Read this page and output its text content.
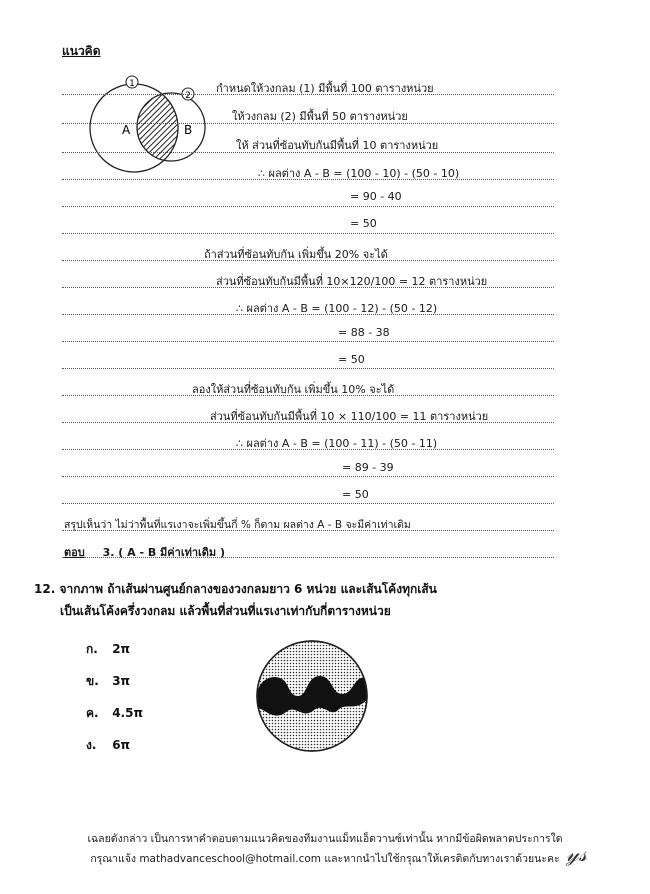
แนวคิด
1
2
A	B
กำหนดให้วงกลม (1) มีพื้นที่ 100 ตารางหน่วย
ให้วงกลม (2) มีพื้นที่ 50 ตารางหน่วย
ให้ ส่วนที่ซ้อนทับกันมีพื้นที่ 10 ตารางหน่วย
∴ ผลต่าง A - B = (100 - 10) - (50 - 10)
= 90 - 40
= 50
ถ้าส่วนที่ซ้อนทับกัน เพิ่มขึ้น 20% จะได้
ส่วนที่ซ้อนทับกันมีพื้นที่ 10×120/100 = 12 ตารางหน่วย
∴ ผลต่าง A - B = (100 - 12) - (50 - 12)
= 88 - 38
= 50
ลองให้ส่วนที่ซ้อนทับกัน เพิ่มขึ้น 10% จะได้
ส่วนที่ซ้อนทับกันมีพื้นที่ 10 × 110/100 = 11 ตารางหน่วย
∴ ผลต่าง A - B = (100 - 11) - (50 - 11)
= 89 - 39
= 50
สรุปเห็นว่า ไม่ว่าพื้นที่แรเงาจะเพิ่มขึ้นกี่ % ก็ตาม ผลต่าง A - B จะมีค่าเท่าเดิม
ตอบ 3. ( A - B มีค่าเท่าเดิม )
12. จากภาพ ถ้าเส้นผ่านศูนย์กลางของวงกลมยาว 6 หน่วย และเส้นโค้งทุกเส้น
เป็นเส้นโค้งครึ่งวงกลม แล้วพื้นที่ส่วนที่แรเงาเท่ากับกี่ตารางหน่วย
ก. 2π
ข. 3π
ค. 4.5π
ง. 6π
เฉลยดังกล่าว เป็นการหาคำตอบตามแนวคิดของทีมงานแม็ทแอ็ดวานซ์เท่านั้น หากมีข้อผิดพลาดประการใด
กรุณาแจ้ง mathadvanceschool@hotmail.com และหากนำไปใช้กรุณาให้เครดิตกับทางเราด้วยนะคะ 𝓎𝓈
